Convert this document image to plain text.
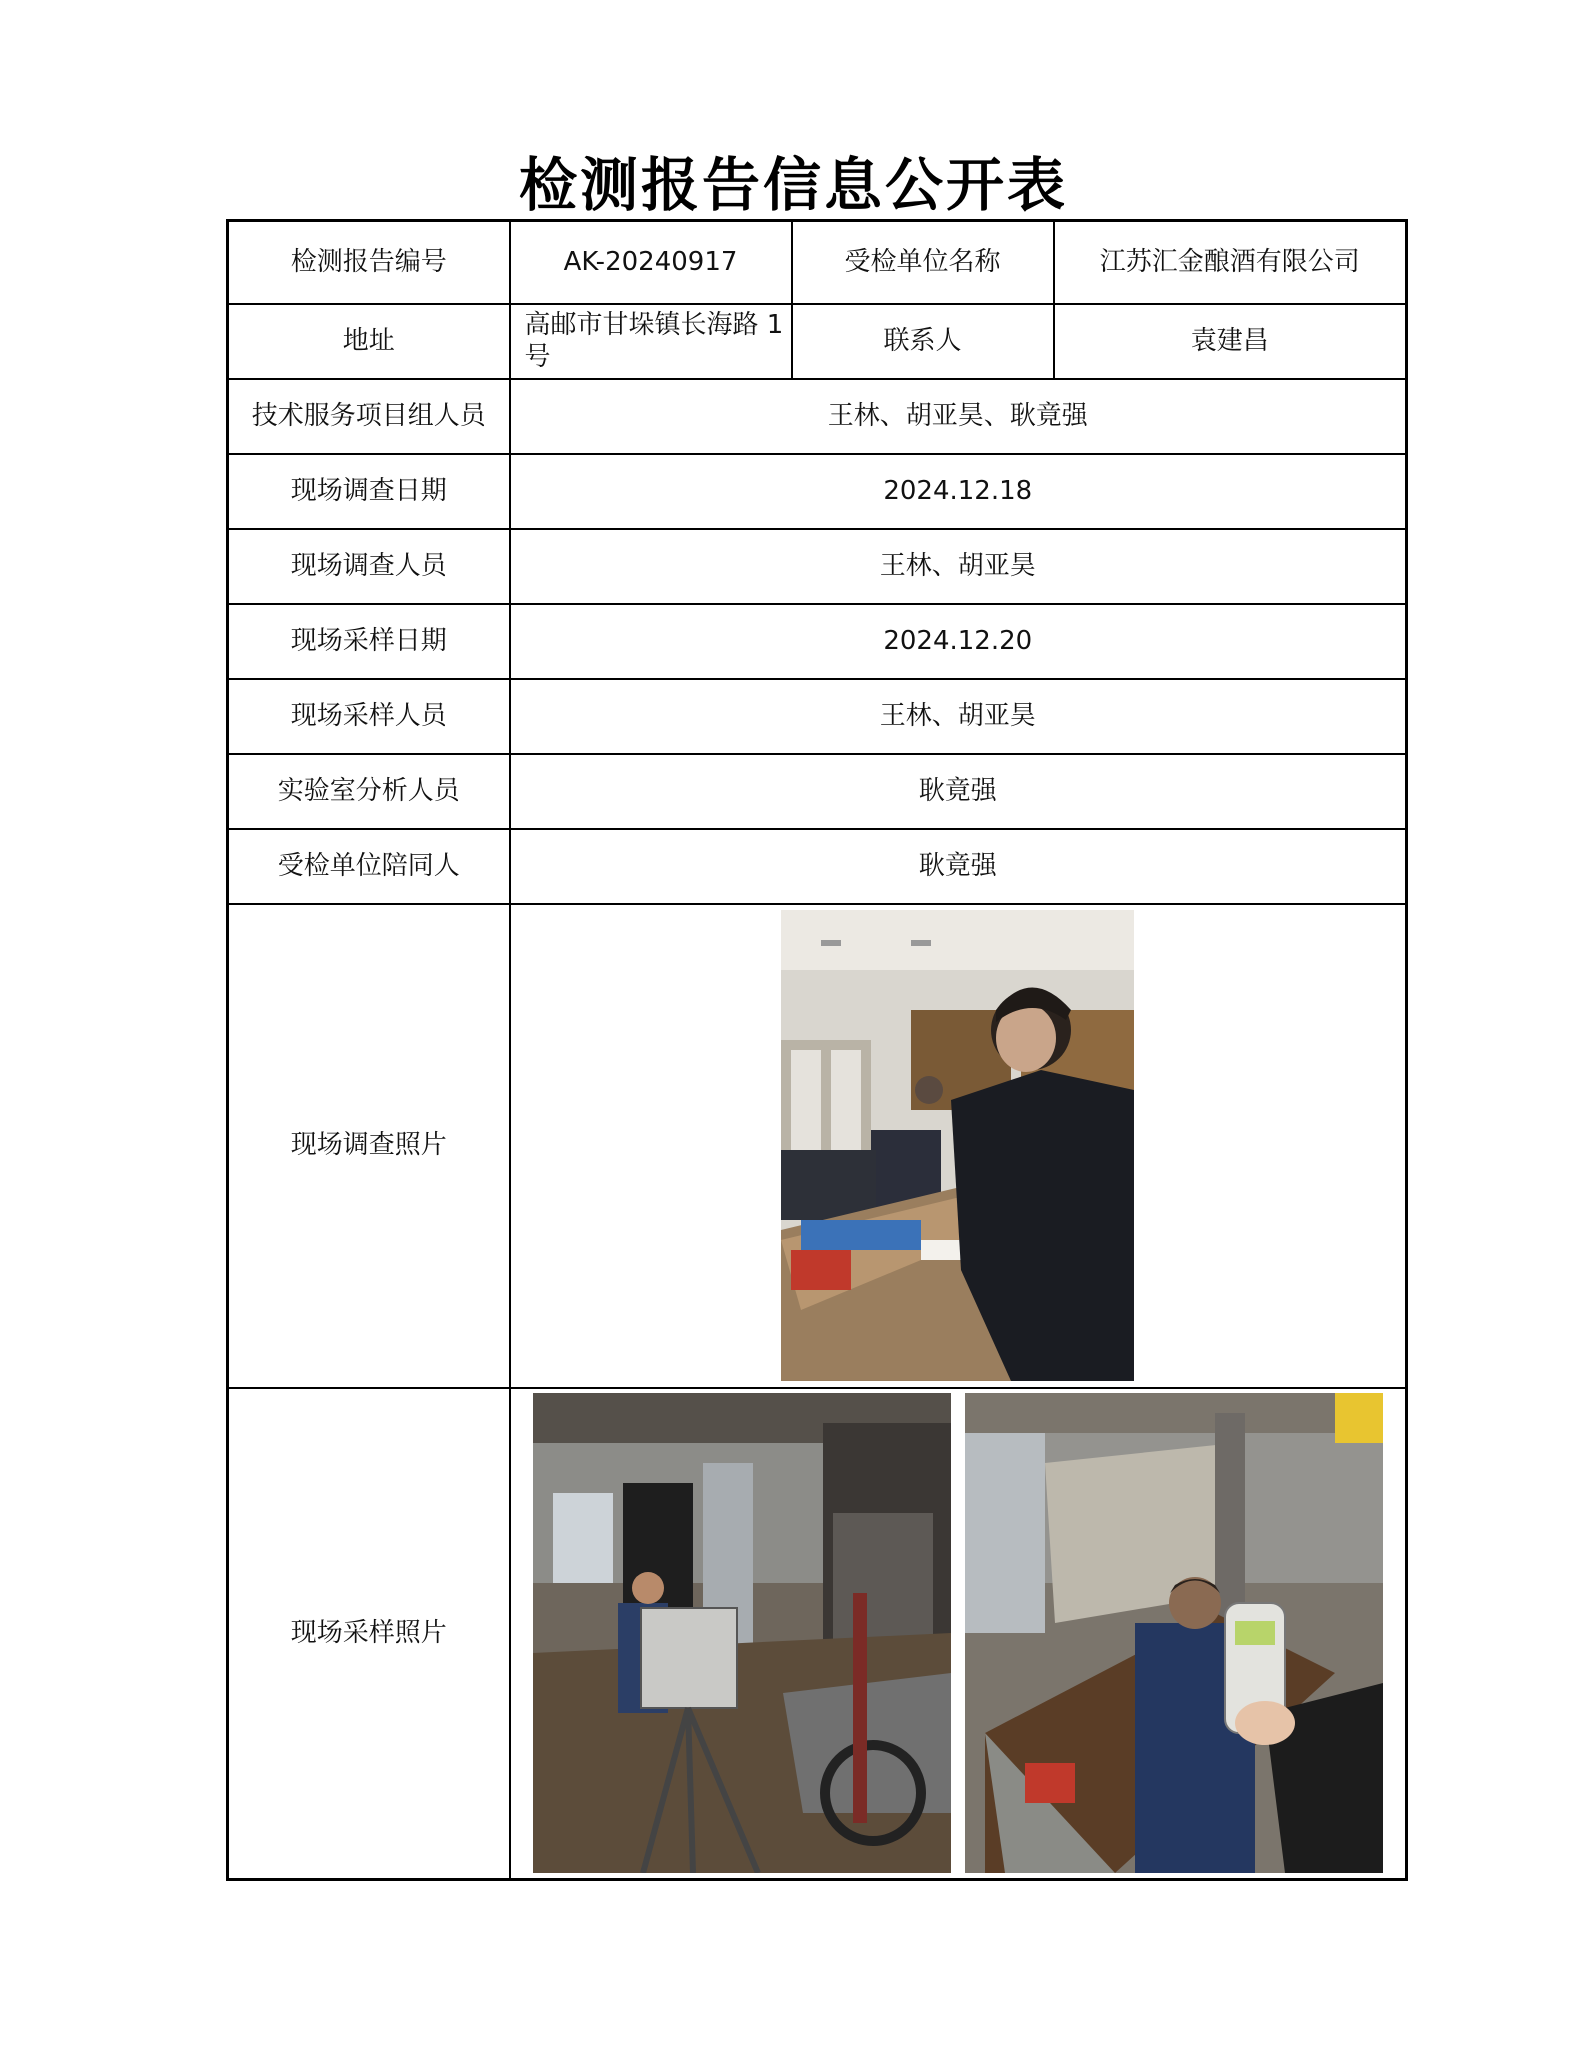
检测报告信息公开表
检测报告编号	AK-20240917	受检单位名称	江苏汇金酿酒有限公司
地址	高邮市甘垛镇长海路 1 号	联系人	袁建昌
技术服务项目组人员	王林、胡亚昊、耿竟强		
现场调查日期	2024.12.18		
现场调查人员	王林、胡亚昊		
现场采样日期	2024.12.20		
现场采样人员	王林、胡亚昊		
实验室分析人员	耿竟强		
受检单位陪同人	耿竟强		
现场调查照片	

现场采样照片	
